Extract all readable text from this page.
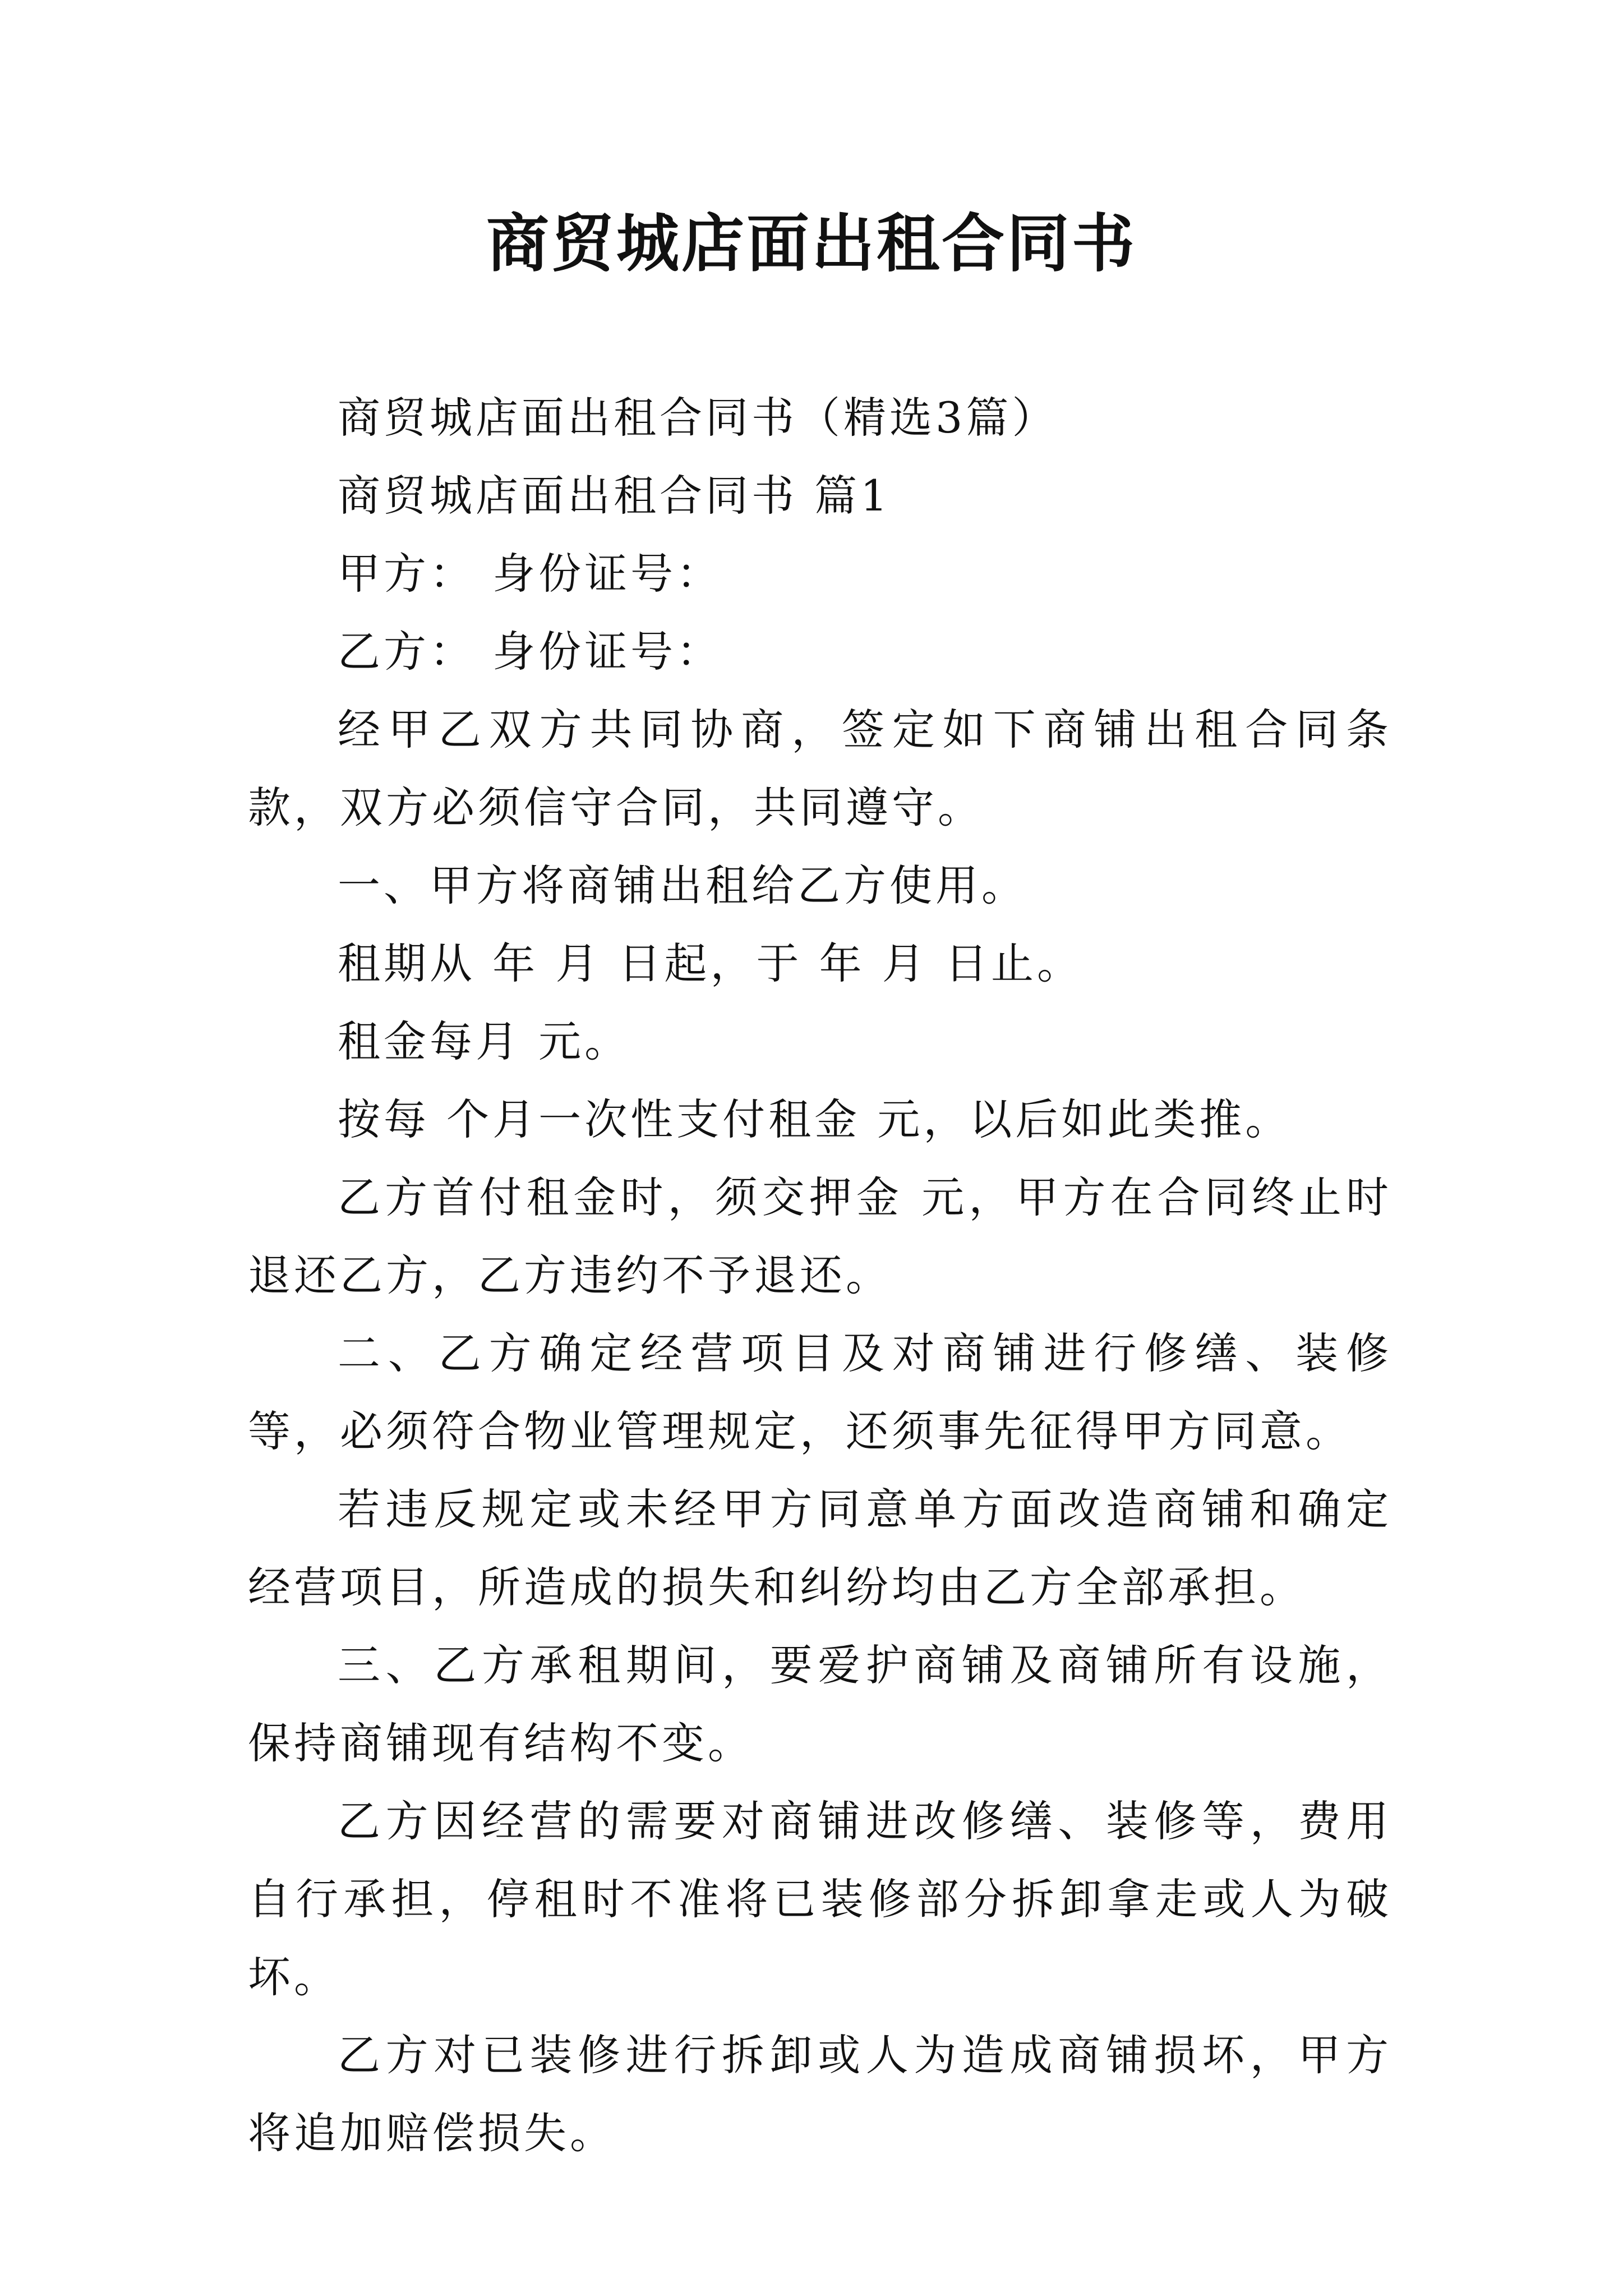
商贸城店面出租合同书

商贸城店面出租合同书（精选3篇）

商贸城店面出租合同书 篇1

甲方： 身份证号：

乙方： 身份证号：

经甲乙双方共同协商，签定如下商铺出租合同条款，双方必须信守合同，共同遵守。

一、甲方将商铺出租给乙方使用。

租期从 年 月 日起，于 年 月 日止。

租金每月 元。

按每 个月一次性支付租金 元，以后如此类推。

乙方首付租金时，须交押金 元，甲方在合同终止时退还乙方，乙方违约不予退还。

二、乙方确定经营项目及对商铺进行修缮、装修等，必须符合物业管理规定，还须事先征得甲方同意。

若违反规定或未经甲方同意单方面改造商铺和确定经营项目，所造成的损失和纠纷均由乙方全部承担。

三、乙方承租期间，要爱护商铺及商铺所有设施，保持商铺现有结构不变。

乙方因经营的需要对商铺进改修缮、装修等，费用自行承担，停租时不准将已装修部分拆卸拿走或人为破坏。

乙方对已装修进行拆卸或人为造成商铺损坏，甲方将追加赔偿损失。
